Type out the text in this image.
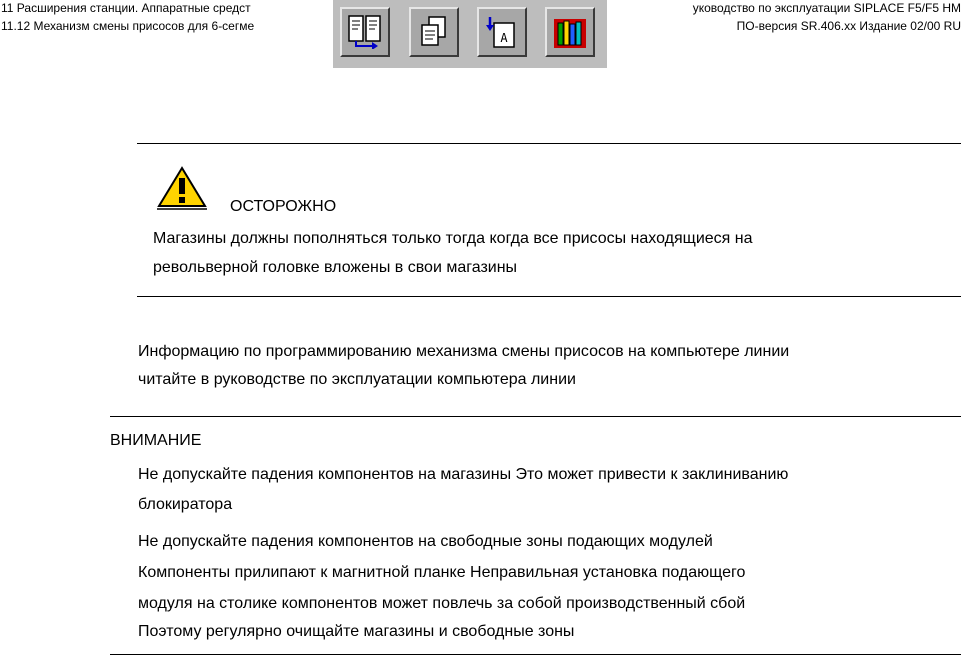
11 Расширения станции. Аппаратные средст
11.12 Механизм смены присосов для 6-сегме
уководство по эксплуатации SIPLACE F5/F5 HM
ПО-версия SR.406.xx Издание 02/00 RU
A
ОСТОРОЖНО
Магазины должны пополняться только тогда когда все присосы находящиеся на
револьверной головке вложены в свои магазины
Информацию по программированию механизма смены присосов на компьютере линии
читайте в руководстве по эксплуатации компьютера линии
ВНИМАНИЕ
Не допускайте падения компонентов на магазины Это может привести к заклиниванию
блокиратора
Не допускайте падения компонентов на свободные зоны подающих модулей
Компоненты прилипают к магнитной планке Неправильная установка подающего
модуля на столике компонентов может повлечь за собой производственный сбой
Поэтому регулярно очищайте магазины и свободные зоны
